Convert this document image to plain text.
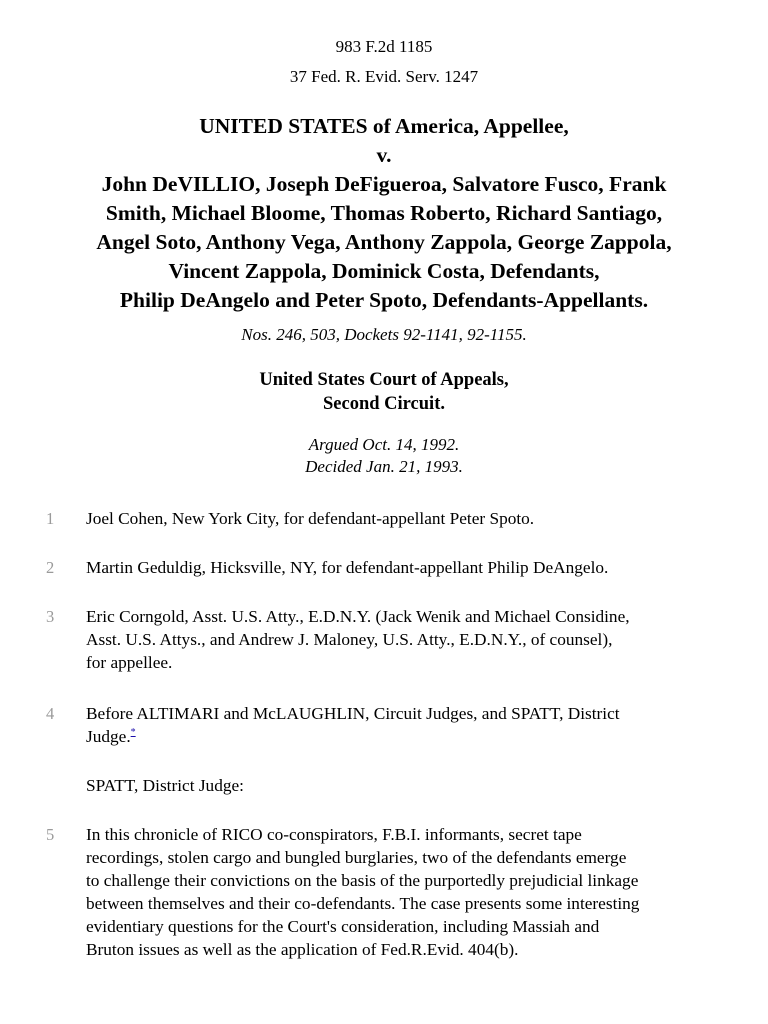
983 F.2d 1185
37 Fed. R. Evid. Serv. 1247
UNITED STATES of America, Appellee,
v.
John DeVILLIO, Joseph DeFigueroa, Salvatore Fusco, Frank
Smith, Michael Bloome, Thomas Roberto, Richard Santiago,
Angel Soto, Anthony Vega, Anthony Zappola, George Zappola,
Vincent Zappola, Dominick Costa, Defendants,
Philip DeAngelo and Peter Spoto, Defendants-Appellants.
Nos. 246, 503, Dockets 92-1141, 92-1155.
United States Court of Appeals,
Second Circuit.
Argued Oct. 14, 1992.
Decided Jan. 21, 1993.
1	Joel Cohen, New York City, for defendant-appellant Peter Spoto.
2	Martin Geduldig, Hicksville, NY, for defendant-appellant Philip DeAngelo.
3	Eric Corngold, Asst. U.S. Atty., E.D.N.Y. (Jack Wenik and Michael Considine,
Asst. U.S. Attys., and Andrew J. Maloney, U.S. Atty., E.D.N.Y., of counsel),
for appellee.
4	Before ALTIMARI and McLAUGHLIN, Circuit Judges, and SPATT, District
Judge.*
SPATT, District Judge:
5	In this chronicle of RICO co-conspirators, F.B.I. informants, secret tape
recordings, stolen cargo and bungled burglaries, two of the defendants emerge
to challenge their convictions on the basis of the purportedly prejudicial linkage
between themselves and their co-defendants. The case presents some interesting
evidentiary questions for the Court's consideration, including Massiah and
Bruton issues as well as the application of Fed.R.Evid. 404(b).
